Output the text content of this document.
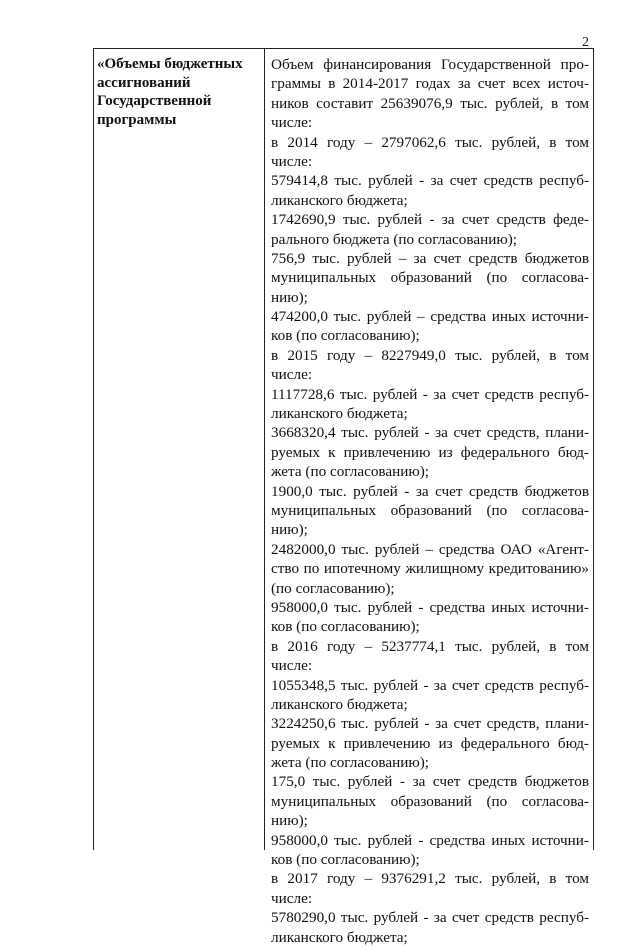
2
«Объемы бюджетных
ассигнований
Государственной
программы
Объем финансирования Государственной про-
граммы в 2014-2017 годах за счет всех источ-
ников составит 25639076,9 тыс. рублей, в том
числе:
в 2014 году – 2797062,6 тыс. рублей, в том
числе:
579414,8 тыс. рублей - за счет средств респуб-
ликанского бюджета;
1742690,9 тыс. рублей - за счет средств феде-
рального бюджета (по согласованию);
756,9 тыс. рублей – за счет средств бюджетов
муниципальных образований (по согласова-
нию);
474200,0 тыс. рублей – средства иных источни-
ков (по согласованию);
в 2015 году – 8227949,0 тыс. рублей, в том
числе:
1117728,6 тыс. рублей - за счет средств респуб-
ликанского бюджета;
3668320,4 тыс. рублей - за счет средств, плани-
руемых к привлечению из федерального бюд-
жета (по согласованию);
1900,0 тыс. рублей - за счет средств бюджетов
муниципальных образований (по согласова-
нию);
2482000,0 тыс. рублей – средства ОАО «Агент-
ство по ипотечному жилищному кредитованию»
(по согласованию);
958000,0 тыс. рублей - средства иных источни-
ков (по согласованию);
в 2016 году – 5237774,1 тыс. рублей, в том
числе:
1055348,5 тыс. рублей - за счет средств респуб-
ликанского бюджета;
3224250,6 тыс. рублей - за счет средств, плани-
руемых к привлечению из федерального бюд-
жета (по согласованию);
175,0 тыс. рублей - за счет средств бюджетов
муниципальных образований (по согласова-
нию);
958000,0 тыс. рублей - средства иных источни-
ков (по согласованию);
в 2017 году – 9376291,2 тыс. рублей, в том
числе:
5780290,0 тыс. рублей - за счет средств респуб-
ликанского бюджета;
